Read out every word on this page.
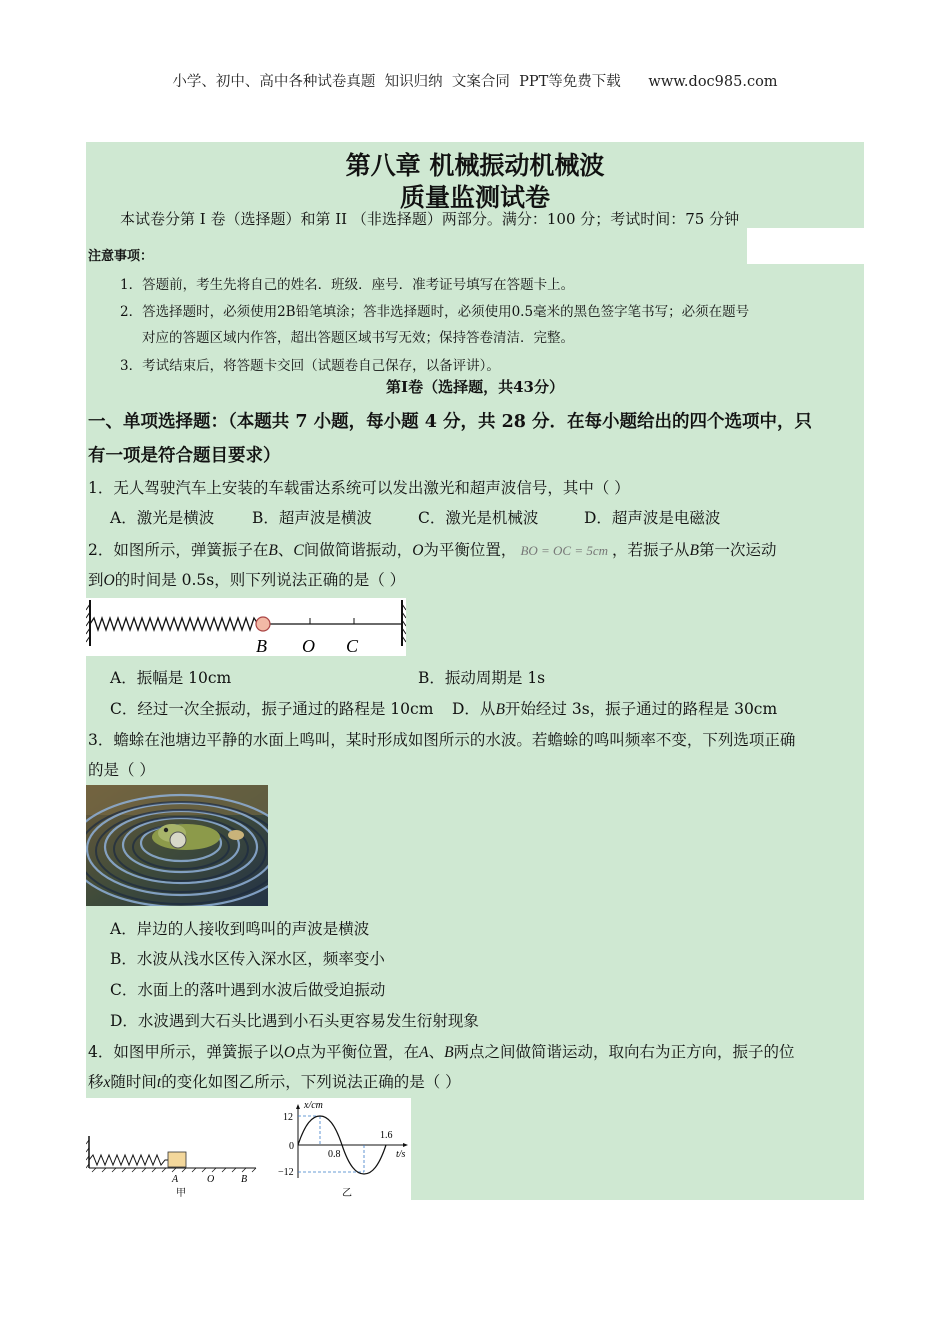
小学、初中、高中各种试卷真题  知识归纳  文案合同  PPT等免费下载      www.doc985.com
第八章 机械振动机械波
质量监测试卷
本试卷分第 I 卷（选择题）和第 II （非选择题）两部分。满分：100 分；考试时间：75 分钟
注意事项：
1．答题前，考生先将自己的姓名．班级．座号．准考证号填写在答题卡上。
2．答选择题时，必须使用2B铅笔填涂；答非选择题时，必须使用0.5毫米的黑色签字笔书写；必须在题号
对应的答题区域内作答，超出答题区域书写无效；保持答卷清洁．完整。
3．考试结束后，将答题卡交回（试题卷自己保存，以备评讲）。
第Ⅰ卷（选择题，共43分）
一、单项选择题：（本题共 7 小题，每小题 4 分，共 28 分．在每小题给出的四个选项中，只
有一项是符合题目要求）
1．无人驾驶汽车上安装的车载雷达系统可以发出激光和超声波信号，其中（ ）
A．激光是横波 B．超声波是横波	C．激光是机械波	D．超声波是电磁波
2．如图所示，弹簧振子在B、C间做简谐振动，O为平衡位置， BO = OC = 5cm ，若振子从B第一次运动
到O的时间是 0.5s，则下列说法正确的是（ ）
B O C
A．振幅是 10cm	B．振动周期是 1s
C．经过一次全振动，振子通过的路程是 10cm D．从B开始经过 3s，振子通过的路程是 30cm
3．蟾蜍在池塘边平静的水面上鸣叫，某时形成如图所示的水波。若蟾蜍的鸣叫频率不变，下列选项正确
的是（ ）
A．岸边的人接收到鸣叫的声波是横波
B．水波从浅水区传入深水区，频率变小
C．水面上的落叶遇到水波后做受迫振动
D．水波遇到大石头比遇到小石头更容易发生衍射现象
4．如图甲所示，弹簧振子以O点为平衡位置，在A、B两点之间做简谐运动，取向右为正方向，振子的位
移x随时间t的变化如图乙所示，下列说法正确的是（ ）
A	O	B
甲
x/cm
t/s
12
0
−12
0.8
1.6
乙
